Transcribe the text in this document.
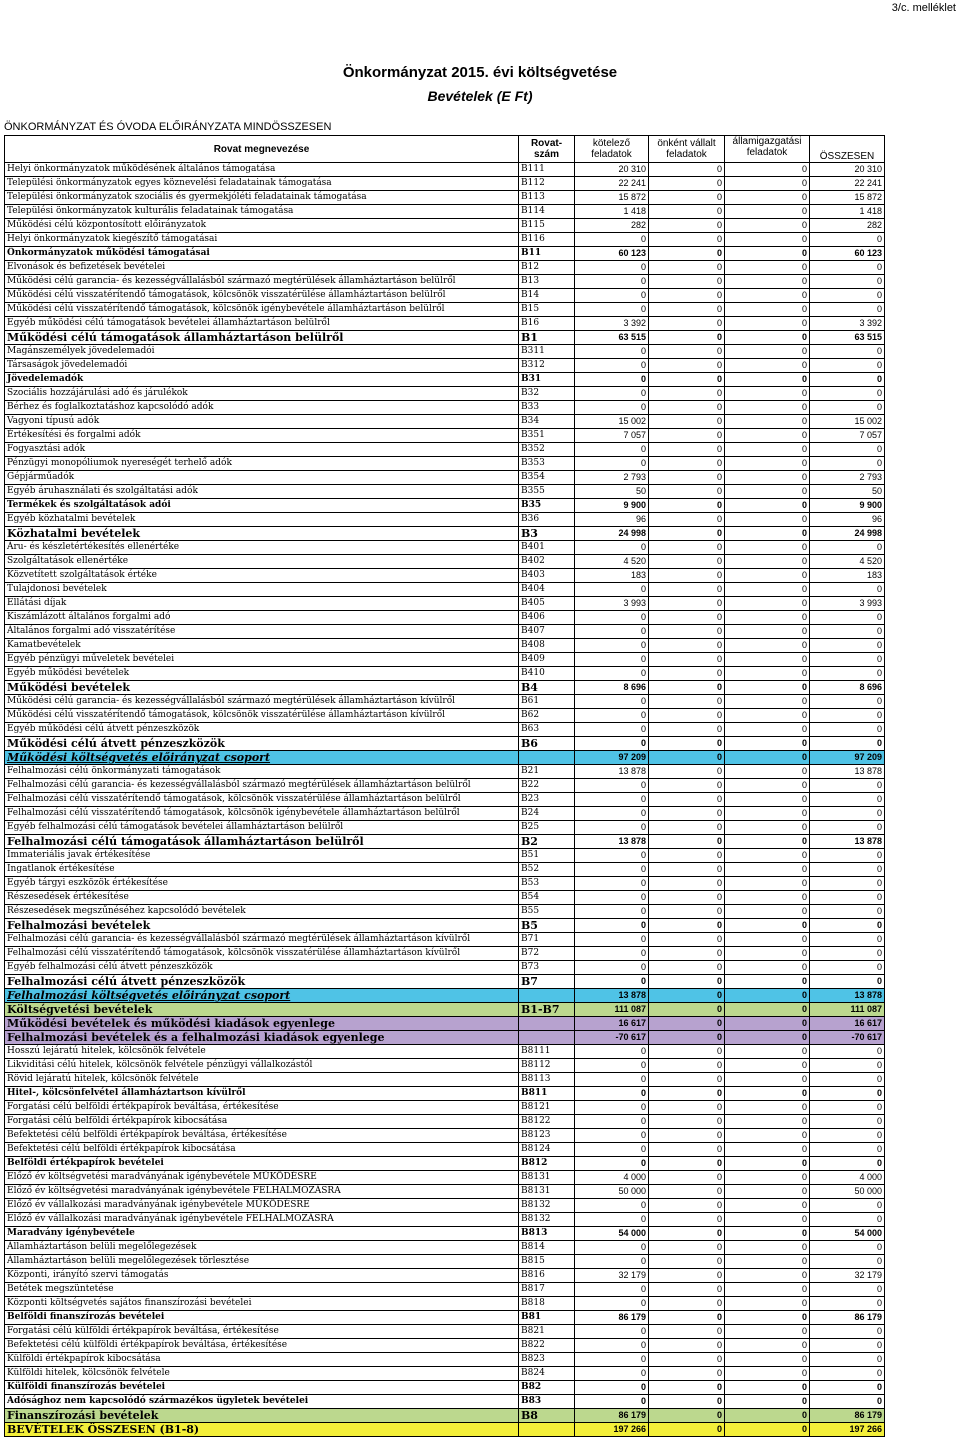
3/c. melléklet
Önkormányzat 2015. évi költségvetése
Bevételek (E Ft)
ÖNKORMÁNYZAT ÉS ÓVODA ELŐIRÁNYZATA MINDÖSSZESEN
Rovat megnevezése	Rovat-szám	kötelező feladatok	önként vállalt feladatok	államigazgatási feladatok	ÖSSZESEN
Helyi önkormányzatok működésének általános támogatása	B111	20 310	0	0	20 310
Települési önkormányzatok egyes köznevelési feladatainak támogatása	B112	22 241	0	0	22 241
Települési önkormányzatok szociális és gyermekjóléti feladatainak támogatása	B113	15 872	0	0	15 872
Települési önkormányzatok kulturális feladatainak támogatása	B114	1 418	0	0	1 418
Működési célú központosított előirányzatok	B115	282	0	0	282
Helyi önkormányzatok kiegészítő támogatásai	B116	0	0	0	0
Önkormányzatok működési támogatásai	B11	60 123	0	0	60 123
Elvonások és befizetések bevételei	B12	0	0	0	0
Működési célú garancia- és kezességvállalásból származó megtérülések államháztartáson belülről	B13	0	0	0	0
Működési célú visszatérítendő támogatások, kölcsönök visszatérülése államháztartáson belülről	B14	0	0	0	0
Működési célú visszatérítendő támogatások, kölcsönök igénybevétele államháztartáson belülről	B15	0	0	0	0
Egyéb működési célú támogatások bevételei államháztartáson belülről	B16	3 392	0	0	3 392
Működési célú támogatások államháztartáson belülről	B1	63 515	0	0	63 515
Magánszemélyek jövedelemadói	B311	0	0	0	0
Társaságok jövedelemadói	B312	0	0	0	0
Jövedelemadók	B31	0	0	0	0
Szociális hozzájárulási adó és járulékok	B32	0	0	0	0
Bérhez és foglalkoztatáshoz kapcsolódó adók	B33	0	0	0	0
Vagyoni típusú adók	B34	15 002	0	0	15 002
Értékesítési és forgalmi adók	B351	7 057	0	0	7 057
Fogyasztási adók	B352	0	0	0	0
Pénzügyi monopóliumok nyereségét terhelő adók	B353	0	0	0	0
Gépjárműadók	B354	2 793	0	0	2 793
Egyéb áruhasználati és szolgáltatási adók	B355	50	0	0	50
Termékek és szolgáltatások adói	B35	9 900	0	0	9 900
Egyéb közhatalmi bevételek	B36	96	0	0	96
Közhatalmi bevételek	B3	24 998	0	0	24 998
Áru- és készletértékesítés ellenértéke	B401	0	0	0	0
Szolgáltatások ellenértéke	B402	4 520	0	0	4 520
Közvetített szolgáltatások értéke	B403	183	0	0	183
Tulajdonosi bevételek	B404	0	0	0	0
Ellátási díjak	B405	3 993	0	0	3 993
Kiszámlázott általános forgalmi adó	B406	0	0	0	0
Általános forgalmi adó visszatérítése	B407	0	0	0	0
Kamatbevételek	B408	0	0	0	0
Egyéb pénzügyi műveletek bevételei	B409	0	0	0	0
Egyéb működési bevételek	B410	0	0	0	0
Működési bevételek	B4	8 696	0	0	8 696
Működési célú garancia- és kezességvállalásból származó megtérülések államháztartáson kívülről	B61	0	0	0	0
Működési célú visszatérítendő támogatások, kölcsönök visszatérülése államháztartáson kívülről	B62	0	0	0	0
Egyéb működési célú átvett pénzeszközök	B63	0	0	0	0
Működési célú átvett pénzeszközök	B6	0	0	0	0
Működési költségvetés előirányzat csoport		97 209	0	0	97 209
Felhalmozási célú önkormányzati támogatások	B21	13 878	0	0	13 878
Felhalmozási célú garancia- és kezességvállalásból származó megtérülések államháztartáson belülről	B22	0	0	0	0
Felhalmozási célú visszatérítendő támogatások, kölcsönök visszatérülése államháztartáson belülről	B23	0	0	0	0
Felhalmozási célú visszatérítendő támogatások, kölcsönök igénybevétele államháztartáson belülről	B24	0	0	0	0
Egyéb felhalmozási célú támogatások bevételei államháztartáson belülről	B25	0	0	0	0
Felhalmozási célú támogatások államháztartáson belülről	B2	13 878	0	0	13 878
Immateriális javak értékesítése	B51	0	0	0	0
Ingatlanok értékesítése	B52	0	0	0	0
Egyéb tárgyi eszközök értékesítése	B53	0	0	0	0
Részesedések értékesítése	B54	0	0	0	0
Részesedések megszűnéséhez kapcsolódó bevételek	B55	0	0	0	0
Felhalmozási bevételek	B5	0	0	0	0
Felhalmozási célú garancia- és kezességvállalásból származó megtérülések államháztartáson kívülről	B71	0	0	0	0
Felhalmozási célú visszatérítendő támogatások, kölcsönök visszatérülése államháztartáson kívülről	B72	0	0	0	0
Egyéb felhalmozási célú átvett pénzeszközök	B73	0	0	0	0
Felhalmozási célú átvett pénzeszközök	B7	0	0	0	0
Felhalmozási költségvetés előirányzat csoport		13 878	0	0	13 878
Költségvetési bevételek	B1-B7	111 087	0	0	111 087
Működési bevételek és működési kiadások egyenlege		16 617	0	0	16 617
Felhalmozási bevételek és a felhalmozási kiadások egyenlege		-70 617	0	0	-70 617
Hosszú lejáratú hitelek, kölcsönök felvétele	B8111	0	0	0	0
Likviditási célú hitelek, kölcsönök felvétele pénzügyi vállalkozástól	B8112	0	0	0	0
Rövid lejáratú hitelek, kölcsönök felvétele	B8113	0	0	0	0
Hitel-, kölcsönfelvétel államháztartson kívülről	B811	0	0	0	0
Forgatási célú belföldi értékpapírok beváltása, értékesítése	B8121	0	0	0	0
Forgatási célú belföldi értékpapírok kibocsátása	B8122	0	0	0	0
Befektetési célú belföldi értékpapírok beváltása, értékesítése	B8123	0	0	0	0
Befektetési célú belföldi értékpapírok kibocsátása	B8124	0	0	0	0
Belföldi értékpapírok bevételei	B812	0	0	0	0
Előző év költségvetési maradványának igénybevétele MŰKÖDÉSRE	B8131	4 000	0	0	4 000
Előző év költségvetési maradványának igénybevétele FELHALMOZÁSRA	B8131	50 000	0	0	50 000
Előző év vállalkozási maradványának igénybevétele MŰKÖDÉSRE	B8132	0	0	0	0
Előző év vállalkozási maradványának igénybevétele FELHALMOZÁSRA	B8132	0	0	0	0
Maradvány igénybevétele	B813	54 000	0	0	54 000
Államháztartáson belüli megelőlegezések	B814	0	0	0	0
Államháztartáson belüli megelőlegezések törlesztése	B815	0	0	0	0
Központi, irányító szervi támogatás	B816	32 179	0	0	32 179
Betétek megszüntetése	B817	0	0	0	0
Központi költségvetés sajátos finanszírozási bevételei	B818	0	0	0	0
Belföldi finanszírozás bevételei	B81	86 179	0	0	86 179
Forgatási célú külföldi értékpapírok beváltása, értékesítése	B821	0	0	0	0
Befektetési célú külföldi értékpapírok beváltása, értékesítése	B822	0	0	0	0
Külföldi értékpapírok kibocsátása	B823	0	0	0	0
Külföldi hitelek, kölcsönök felvétele	B824	0	0	0	0
Külföldi finanszírozás bevételei	B82	0	0	0	0
Adósághoz nem kapcsolódó származékos ügyletek bevételei	B83	0	0	0	0
Finanszírozási bevételek	B8	86 179	0	0	86 179
BEVÉTELEK ÖSSZESEN (B1-8)		197 266	0	0	197 266
